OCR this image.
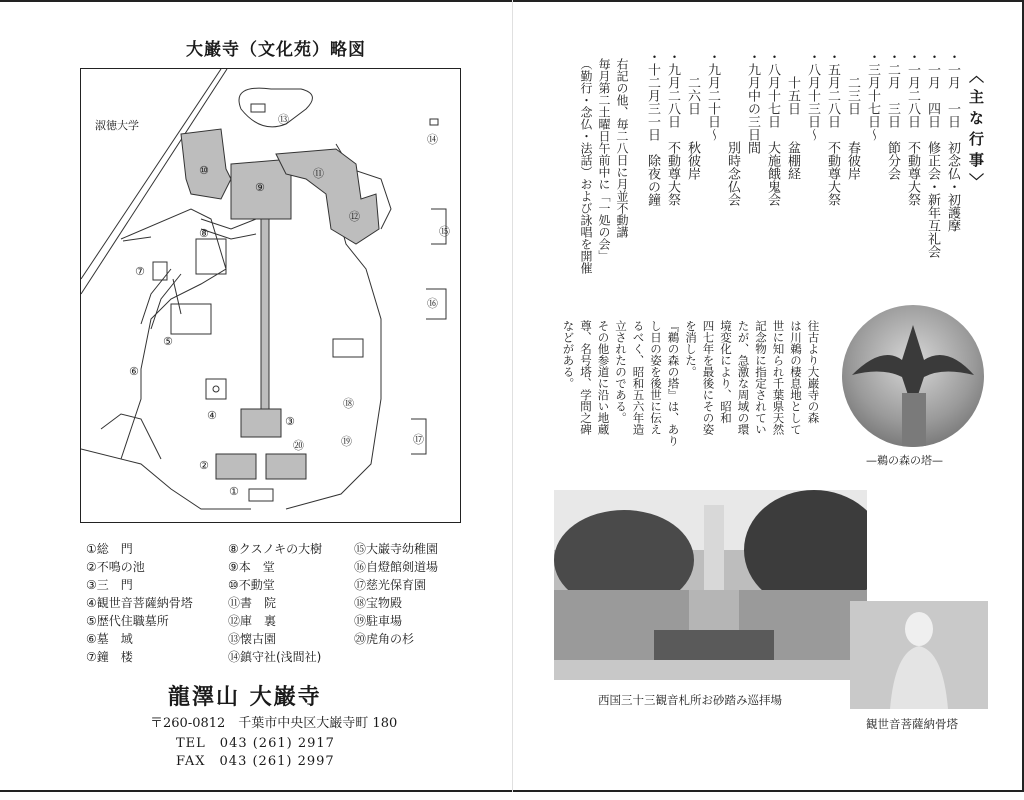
大巌寺（文化苑）略図
淑徳大学	⑬
⑭
⑩
⑨
⑪
⑫
⑧	⑮
⑦
⑯
⑤
⑥
⑱
④	③
⑰
⑳	⑲
②
①
①総　門
②不鳴の池
③三　門
④観世音菩薩納骨塔
⑤歴代住職墓所
⑥墓　域
⑦鐘　楼
⑧クスノキの大樹
⑨本　堂
⑩不動堂
⑪書　院
⑫庫　裏
⑬懐古園
⑭鎮守社(浅間社)
⑮大巌寺幼稚園
⑯自燈館剣道場
⑰慈光保育園
⑱宝物殿
⑲駐車場
⑳虎角の杉
龍澤山 大巌寺
〒260-0812　千葉市中央区大巌寺町 180
TEL　043 (261) 2917
FAX　043 (261) 2997
〈主な行事〉
・一月　一日　初念仏・初護摩
・一月　四日　修正会・新年互礼会
・一月二八日　不動尊大祭
・二月　三日　節分会
・三月十七日～
　　二三日　　春彼岸
・五月二八日　不動尊大祭
・八月十三日～
　　十五日　　盆棚経
・八月十七日　大施餓鬼会
・九月中の三日間
　　　　　　　別時念仏会
・九月二十日～
　　二六日　　秋彼岸
・九月二八日　不動尊大祭
・十二月三一日　除夜の鐘
右記の他、毎二八日に月並不動講
毎月第二土曜日午前中に「一処の会」
（勤行・念仏・法話）および詠唱を開催
往古より大巌寺の森
は川鵜の棲息地として
世に知られ千葉県天然
記念物に指定されてい
たが、急激な周域の環
境変化により、昭和
四七年を最後にその姿
を消した。
『鵜の森の塔』は、あり
し日の姿を後世に伝え
るべく、昭和五六年造
立されたのである。
その他参道に沿い地蔵
尊、名号塔、学問之碑
などがある。
—鵜の森の塔—
西国三十三観音札所お砂踏み巡拝場
観世音菩薩納骨塔
